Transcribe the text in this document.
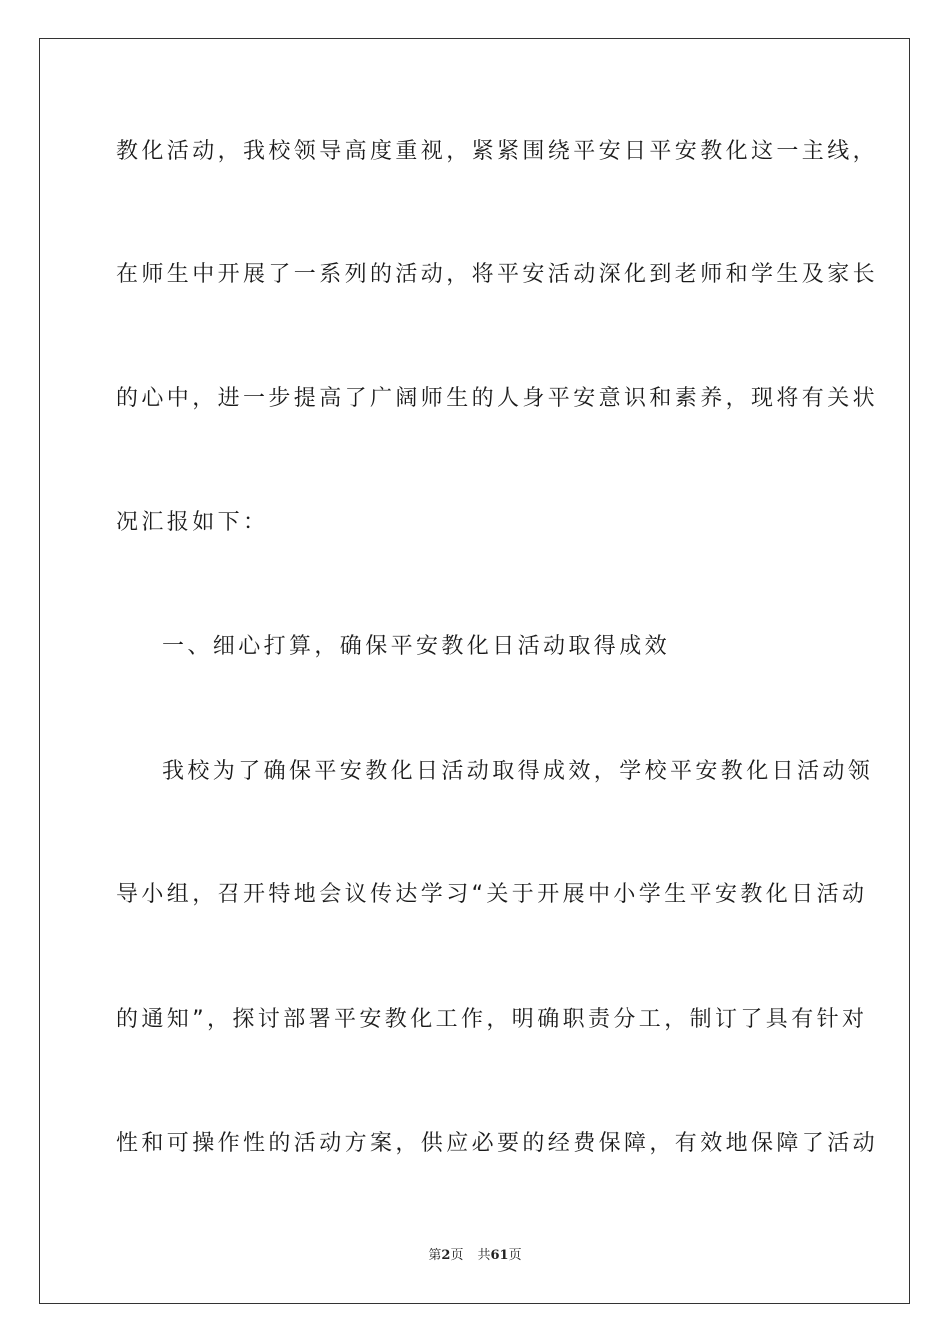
教化活动，我校领导高度重视，紧紧围绕平安日平安教化这一主线，
在师生中开展了一系列的活动，将平安活动深化到老师和学生及家长
的心中，进一步提高了广阔师生的人身平安意识和素养，现将有关状
况汇报如下：
一、细心打算，确保平安教化日活动取得成效
我校为了确保平安教化日活动取得成效，学校平安教化日活动领
导小组，召开特地会议传达学习“关于开展中小学生平安教化日活动
的通知”，探讨部署平安教化工作，明确职责分工，制订了具有针对
性和可操作性的活动方案，供应必要的经费保障，有效地保障了活动
第2页 共61页
